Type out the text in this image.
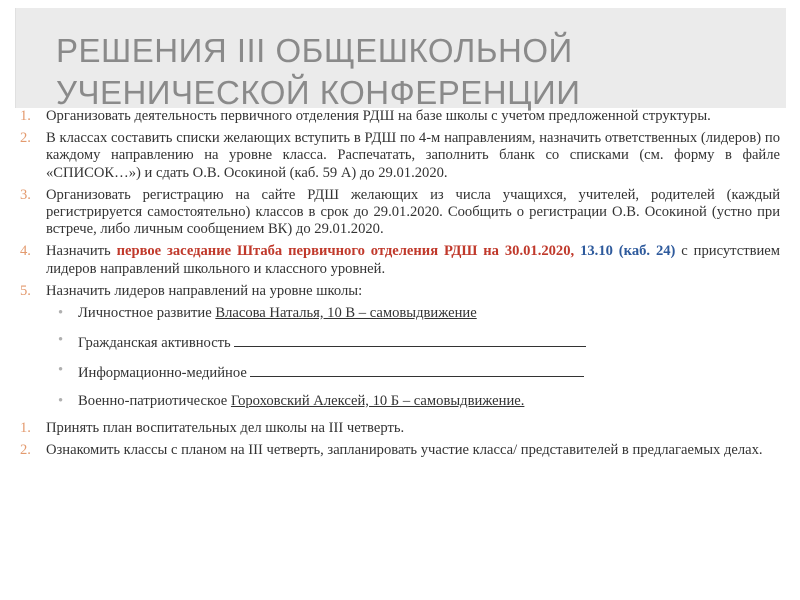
РЕШЕНИЯ III ОБЩЕШКОЛЬНОЙ УЧЕНИЧЕСКОЙ КОНФЕРЕНЦИИ
1.	Организовать деятельность первичного отделения РДШ на базе школы с учетом предложенной структуры.
2.	В классах составить списки желающих вступить в РДШ по 4-м направлениям, назначить ответственных (лидеров) по каждому направлению на уровне класса. Распечатать, заполнить бланк со списками (см. форму в файле «СПИСОК…») и сдать О.В. Осокиной (каб. 59 А) до 29.01.2020.
3.	Организовать регистрацию на сайте РДШ желающих из числа учащихся, учителей, родителей (каждый регистрируется самостоятельно) классов в срок до 29.01.2020. Сообщить о регистрации О.В. Осокиной (устно при встрече, либо личным сообщением ВК) до 29.01.2020.
4.	Назначить первое заседание Штаба первичного отделения РДШ на 30.01.2020, 13.10 (каб. 24) с присутствием лидеров направлений школьного и классного уровней.
5.	Назначить лидеров направлений на уровне школы:
• Личностное развитие Власова Наталья, 10 В – самовыдвижение
• Гражданская активность
• Информационно-медийное
• Военно-патриотическое Гороховский Алексей, 10 Б – самовыдвижение.
1.	Принять план воспитательных дел школы на III четверть.
2.	Ознакомить классы с планом на III четверть, запланировать участие класса/ представителей в предлагаемых делах.
